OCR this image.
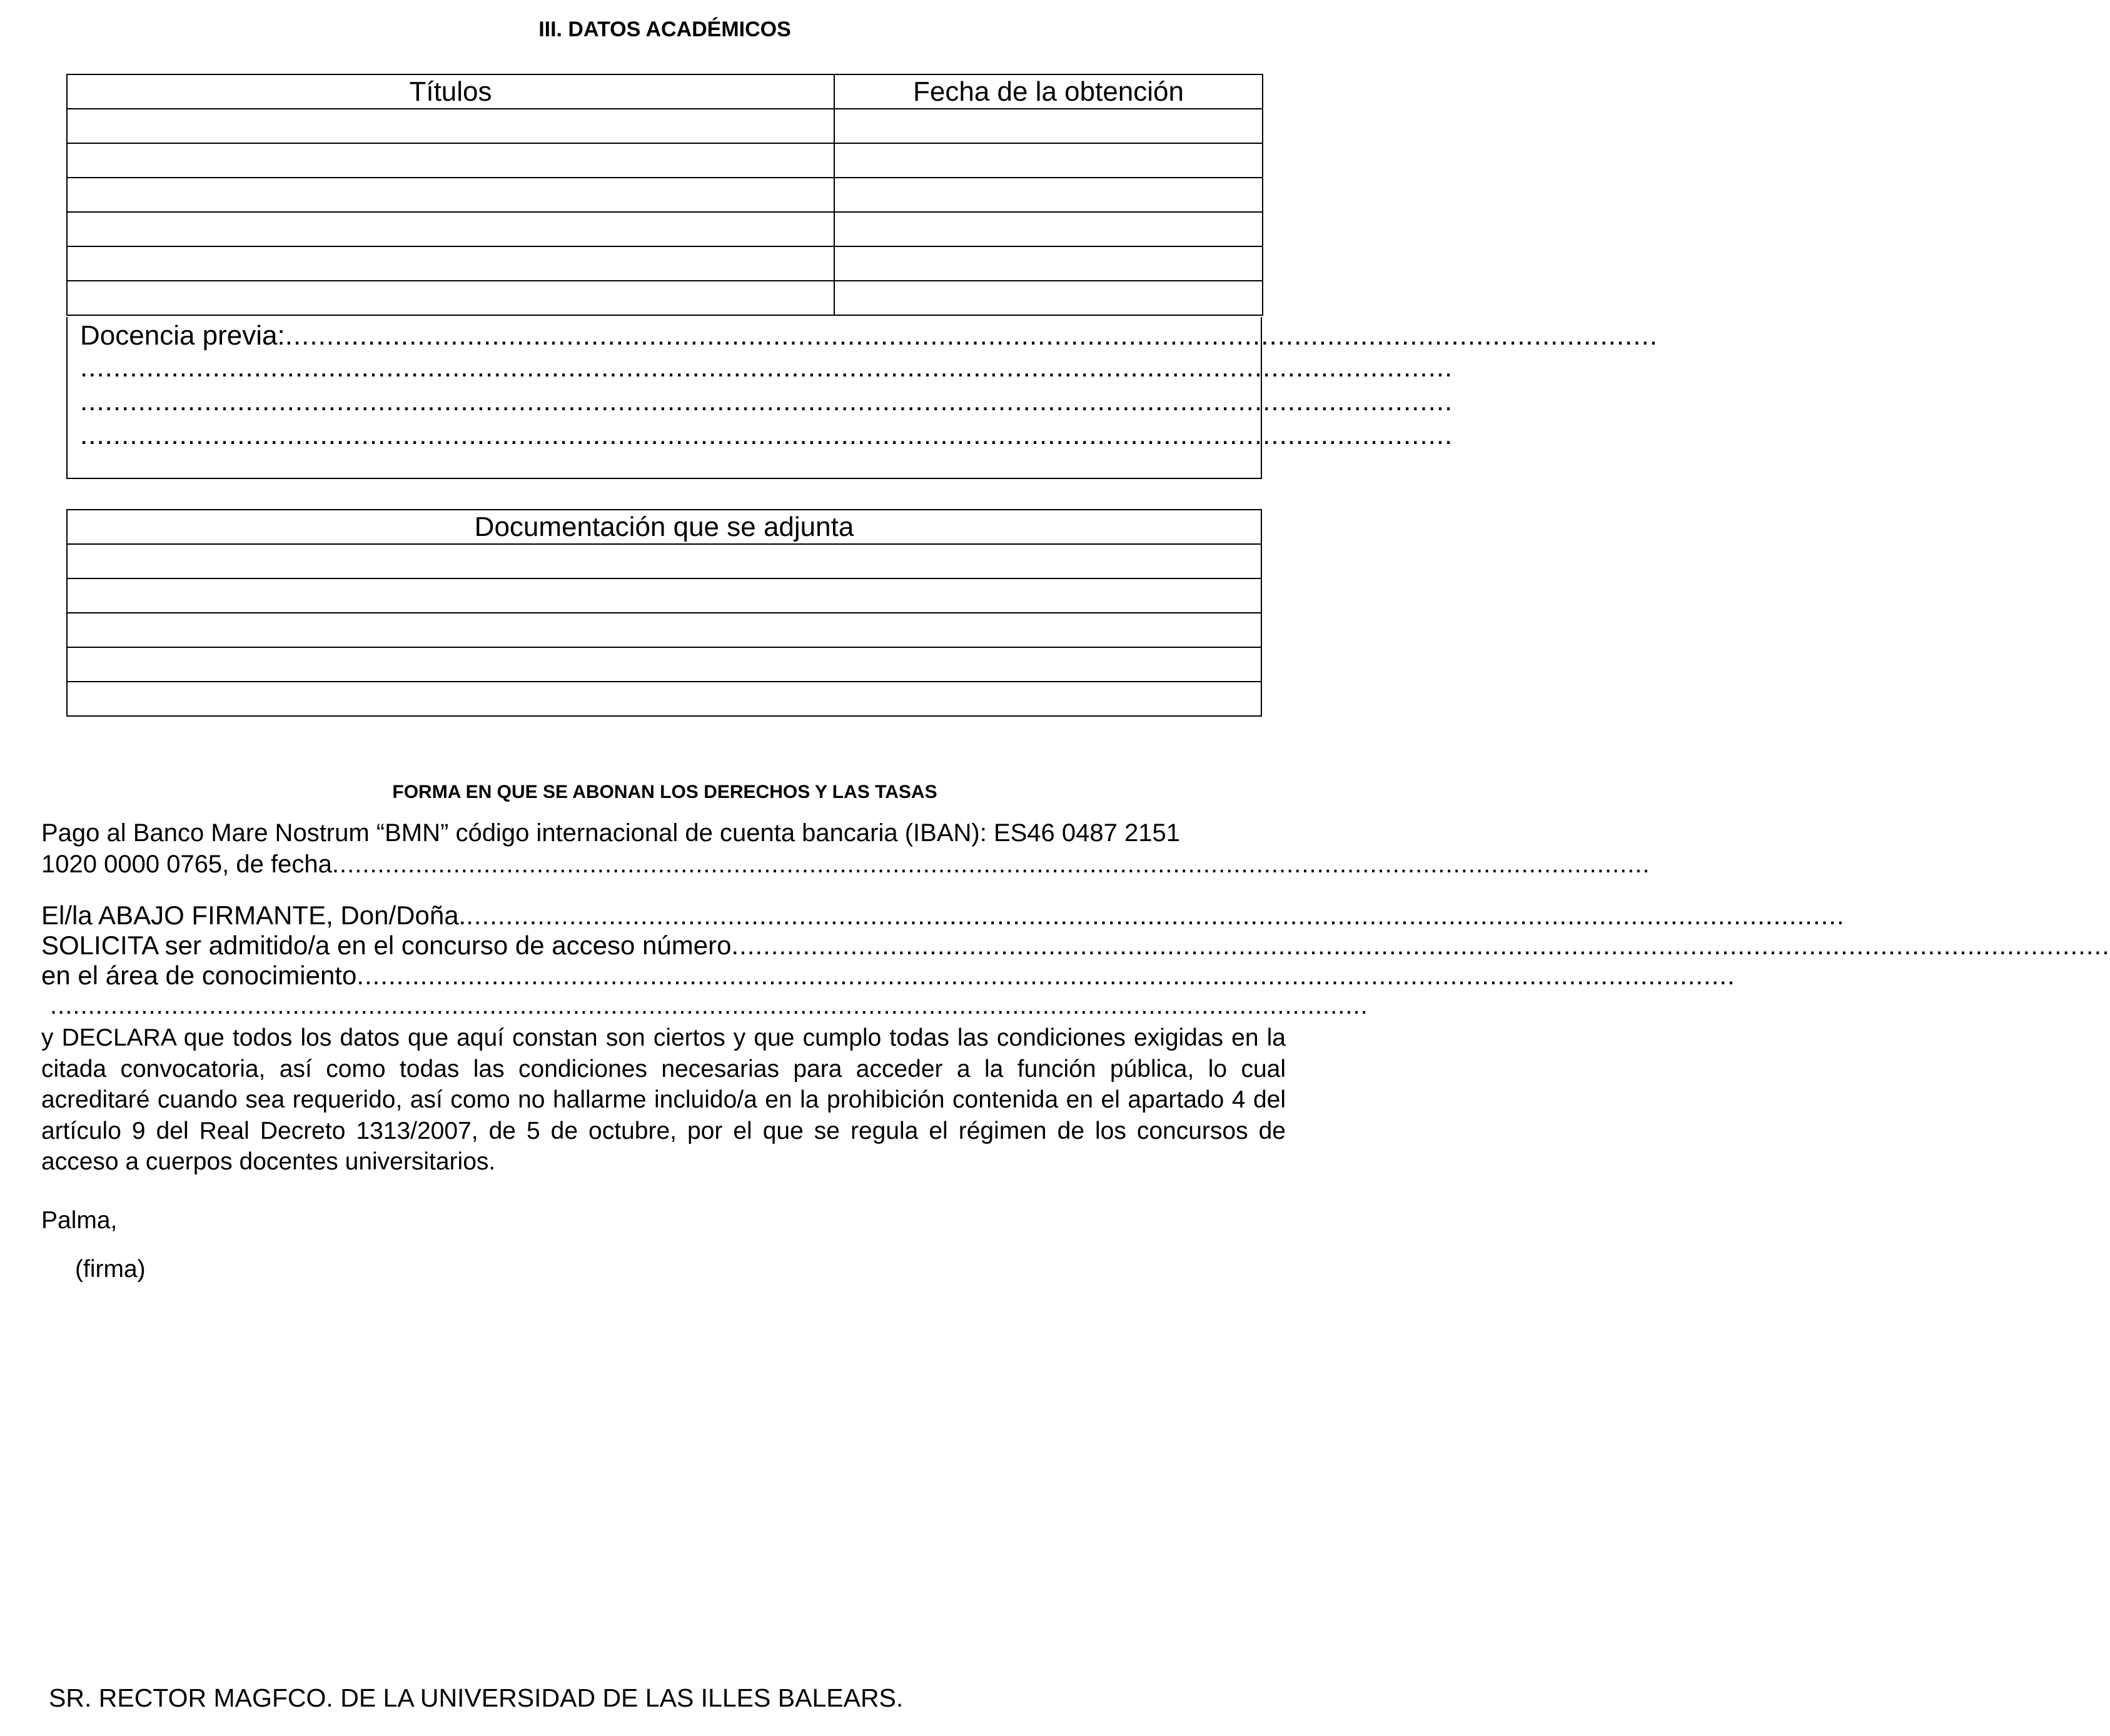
III. DATOS ACADÉMICOS
Títulos	Fecha de la obtención

Docencia previa: ......................................................................................................................................................................
......................................................................................................................................................................
......................................................................................................................................................................
......................................................................................................................................................................
Documentación que se adjunta

FORMA EN QUE SE ABONAN LOS DERECHOS Y LAS TASAS
Pago al Banco Mare Nostrum “BMN” código internacional de cuenta bancaria (IBAN): ES46 0487 2151
1020 0000 0765, de fecha ..............................................................................................................................................................................
El/la ABAJO FIRMANTE, Don/Doña. ..............................................................................................................................................................................
SOLICITA ser admitido/a en el concurso de acceso número ..............................................................................................................................................................................
en el área de conocimiento ..............................................................................................................................................................................
..............................................................................................................................................................................
y DECLARA que todos los datos que aquí constan son ciertos y que cumplo todas las condiciones exigidas en la citada convocatoria, así como todas las condiciones necesarias para acceder a la función pública, lo cual acreditaré cuando sea requerido, así como no hallarme incluido/a en la prohibición contenida en el apartado 4 del artículo 9 del Real Decreto 1313/2007, de 5 de octubre, por el que se regula el régimen de los concursos de acceso a cuerpos docentes universitarios.
Palma,
(firma)
SR. RECTOR MAGFCO. DE LA UNIVERSIDAD DE LAS ILLES BALEARS.
